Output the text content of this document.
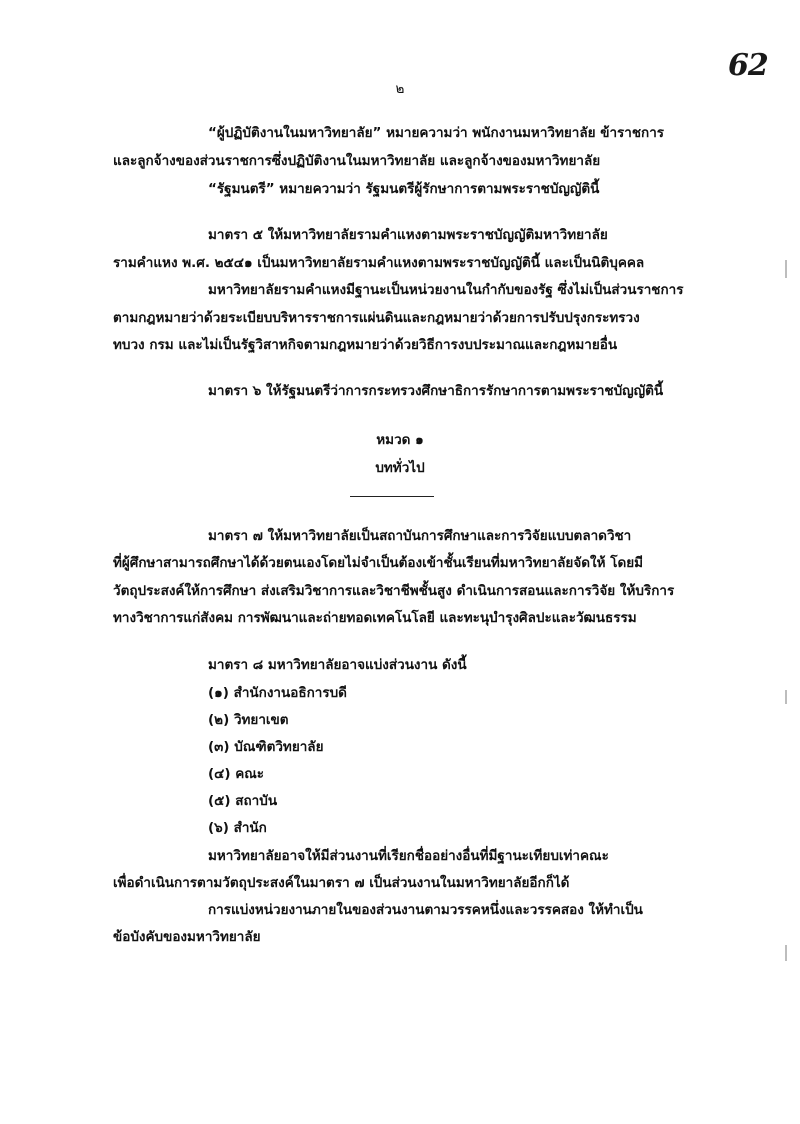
62
๒
“ผู้ปฏิบัติงานในมหาวิทยาลัย” หมายความว่า พนักงานมหาวิทยาลัย ข้าราชการ
และลูกจ้างของส่วนราชการซึ่งปฏิบัติงานในมหาวิทยาลัย และลูกจ้างของมหาวิทยาลัย
“รัฐมนตรี” หมายความว่า รัฐมนตรีผู้รักษาการตามพระราชบัญญัตินี้
มาตรา ๕ ให้มหาวิทยาลัยรามคำแหงตามพระราชบัญญัติมหาวิทยาลัย
รามคำแหง พ.ศ. ๒๕๔๑ เป็นมหาวิทยาลัยรามคำแหงตามพระราชบัญญัตินี้ และเป็นนิติบุคคล
มหาวิทยาลัยรามคำแหงมีฐานะเป็นหน่วยงานในกำกับของรัฐ ซึ่งไม่เป็นส่วนราชการ
ตามกฎหมายว่าด้วยระเบียบบริหารราชการแผ่นดินและกฎหมายว่าด้วยการปรับปรุงกระทรวง
ทบวง กรม และไม่เป็นรัฐวิสาหกิจตามกฎหมายว่าด้วยวิธีการงบประมาณและกฎหมายอื่น
มาตรา ๖ ให้รัฐมนตรีว่าการกระทรวงศึกษาธิการรักษาการตามพระราชบัญญัตินี้
หมวด ๑
บททั่วไป
มาตรา ๗ ให้มหาวิทยาลัยเป็นสถาบันการศึกษาและการวิจัยแบบตลาดวิชา
ที่ผู้ศึกษาสามารถศึกษาได้ด้วยตนเองโดยไม่จำเป็นต้องเข้าชั้นเรียนที่มหาวิทยาลัยจัดให้ โดยมี
วัตถุประสงค์ให้การศึกษา ส่งเสริมวิชาการและวิชาชีพชั้นสูง ดำเนินการสอนและการวิจัย ให้บริการ
ทางวิชาการแก่สังคม การพัฒนาและถ่ายทอดเทคโนโลยี และทะนุบำรุงศิลปะและวัฒนธรรม
มาตรา ๘ มหาวิทยาลัยอาจแบ่งส่วนงาน ดังนี้
(๑) สำนักงานอธิการบดี
(๒) วิทยาเขต
(๓) บัณฑิตวิทยาลัย
(๔) คณะ
(๕) สถาบัน
(๖) สำนัก
มหาวิทยาลัยอาจให้มีส่วนงานที่เรียกชื่ออย่างอื่นที่มีฐานะเทียบเท่าคณะ
เพื่อดำเนินการตามวัตถุประสงค์ในมาตรา ๗ เป็นส่วนงานในมหาวิทยาลัยอีกก็ได้
การแบ่งหน่วยงานภายในของส่วนงานตามวรรคหนึ่งและวรรคสอง ให้ทำเป็น
ข้อบังคับของมหาวิทยาลัย
